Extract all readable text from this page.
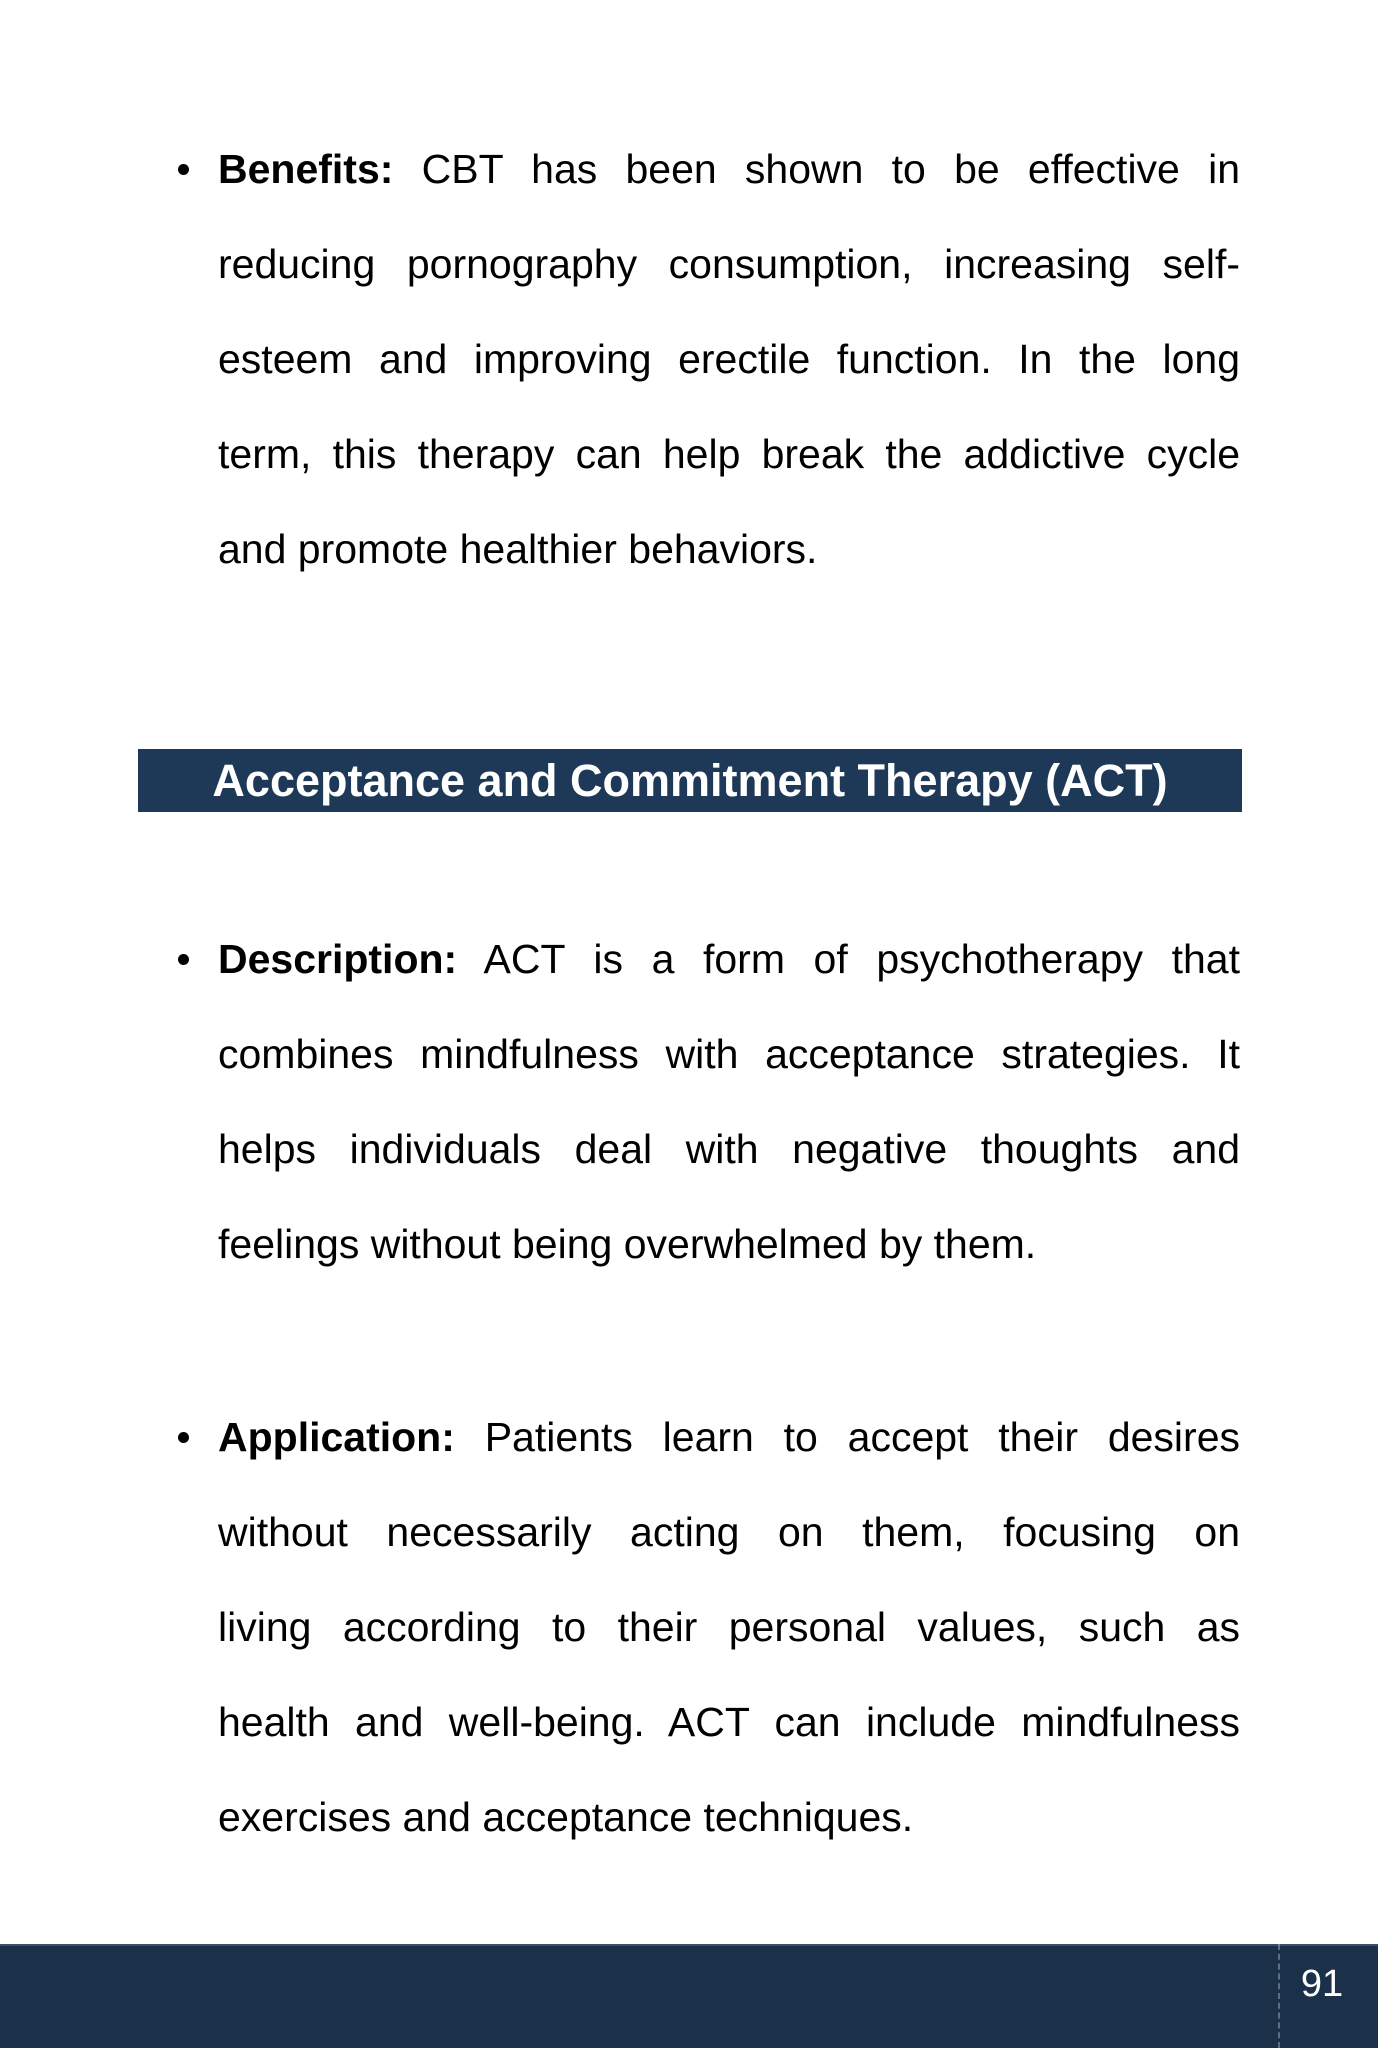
Benefits: CBT has been shown to be effective in
reducing pornography consumption, increasing self-
esteem and improving erectile function. In the long
term, this therapy can help break the addictive cycle
and promote healthier behaviors.
Acceptance and Commitment Therapy (ACT)
Description: ACT is a form of psychotherapy that
combines mindfulness with acceptance strategies. It
helps individuals deal with negative thoughts and
feelings without being overwhelmed by them.
Application: Patients learn to accept their desires
without necessarily acting on them, focusing on
living according to their personal values, such as
health and well-being. ACT can include mindfulness
exercises and acceptance techniques.
91
